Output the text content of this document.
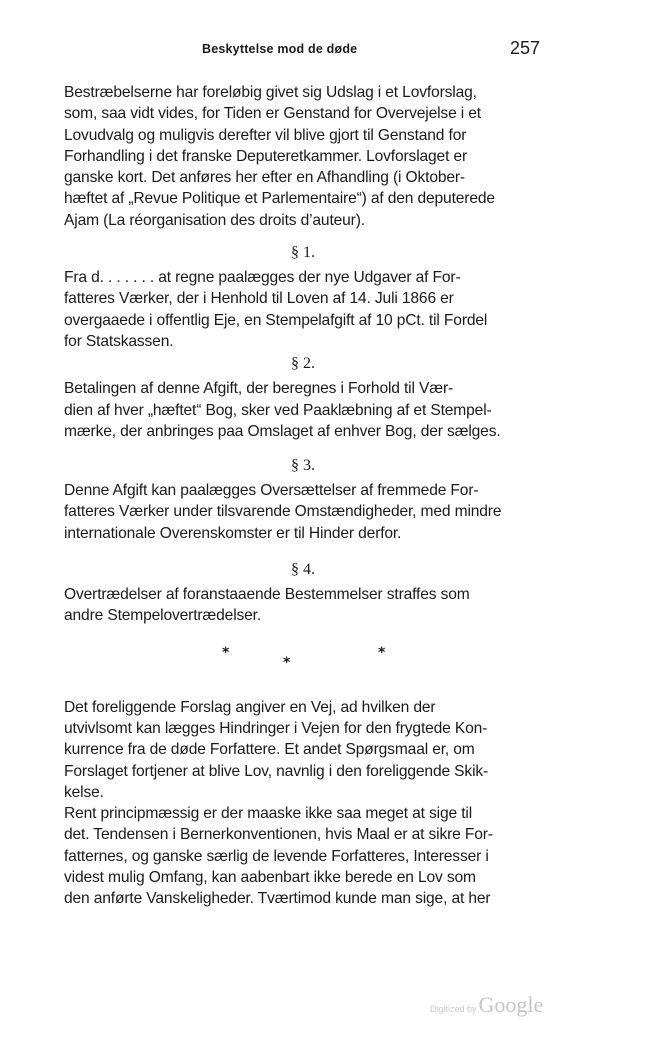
Beskyttelse mod de døde	257

Bestræbelserne har foreløbig givet sig Udslag i et Lovforslag,
som, saa vidt vides, for Tiden er Genstand for Overvejelse i et
Lovudvalg og muligvis derefter vil blive gjort til Genstand for
Forhandling i det franske Deputeretkammer. Lovforslaget er
ganske kort. Det anføres her efter en Afhandling (i Oktober-
hæftet af „Revue Politique et Parlementaire“) af den deputerede
Ajam (La réorganisation des droits d’auteur).

§ 1.

Fra d. . . . . . . at regne paalægges der nye Udgaver af For-
fatteres Værker, der i Henhold til Loven af 14. Juli 1866 er
overgaaede i offentlig Eje, en Stempelafgift af 10 pCt. til Fordel
for Statskassen.

§ 2.

Betalingen af denne Afgift, der beregnes i Forhold til Vær-
dien af hver „hæftet“ Bog, sker ved Paaklæbning af et Stempel-
mærke, der anbringes paa Omslaget af enhver Bog, der sælges.

§ 3.

Denne Afgift kan paalægges Oversættelser af fremmede For-
fatteres Værker under tilsvarende Omstændigheder, med mindre
internationale Overenskomster er til Hinder derfor.

§ 4.

Overtrædelser af foranstaaende Bestemmelser straffes som
andre Stempelovertrædelser.

*
*
*

Det foreliggende Forslag angiver en Vej, ad hvilken der
utvivlsomt kan lægges Hindringer i Vejen for den frygtede Kon-
kurrence fra de døde Forfattere. Et andet Spørgsmaal er, om
Forslaget fortjener at blive Lov, navnlig i den foreliggende Skik-
kelse.

Rent principmæssig er der maaske ikke saa meget at sige til
det. Tendensen i Bernerkonventionen, hvis Maal er at sikre For-
fatternes, og ganske særlig de levende Forfatteres, Interesser i
videst mulig Omfang, kan aabenbart ikke berede en Lov som
den anførte Vanskeligheder. Tværtimod kunde man sige, at her

Digitized by Google
